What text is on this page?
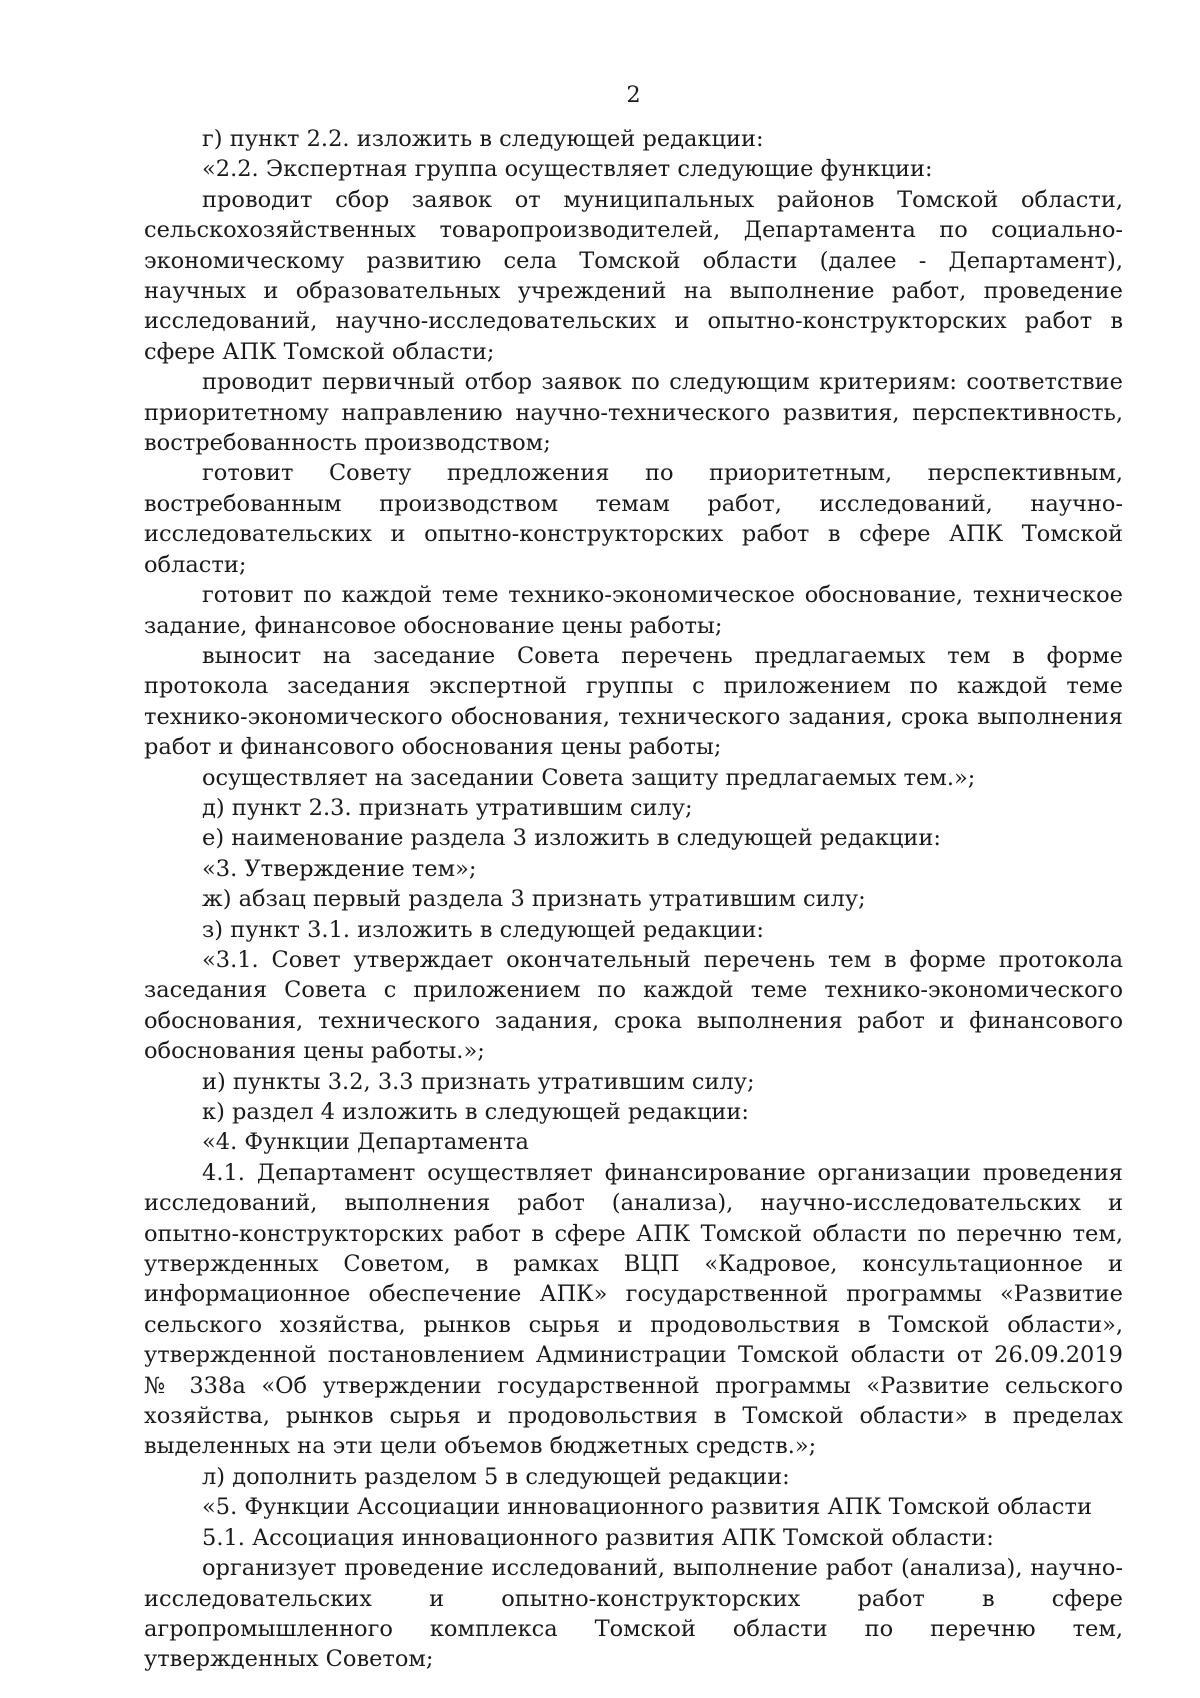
2

г) пункт 2.2. изложить в следующей редакции:

«2.2. Экспертная группа осуществляет следующие функции:

проводит сбор заявок от муниципальных районов Томской области, сельскохозяйственных товаропроизводителей, Департамента по социально-экономическому развитию села Томской области (далее - Департамент), научных и образовательных учреждений на выполнение работ, проведение исследований, научно-исследовательских и опытно-конструкторских работ в сфере АПК Томской области;

проводит первичный отбор заявок по следующим критериям: соответствие приоритетному направлению научно-технического развития, перспективность, востребованность производством;

готовит Совету предложения по приоритетным, перспективным, востребованным производством темам работ, исследований, научно-исследовательских и опытно-конструкторских работ в сфере АПК Томской области;

готовит по каждой теме технико-экономическое обоснование, техническое задание, финансовое обоснование цены работы;

выносит на заседание Совета перечень предлагаемых тем в форме протокола заседания экспертной группы с приложением по каждой теме технико-экономического обоснования, технического задания, срока выполнения работ и финансового обоснования цены работы;

осуществляет на заседании Совета защиту предлагаемых тем.»;

д) пункт 2.3. признать утратившим силу;

е) наименование раздела 3 изложить в следующей редакции:

«3. Утверждение тем»;

ж) абзац первый раздела 3 признать утратившим силу;

з) пункт 3.1. изложить в следующей редакции:

«3.1. Совет утверждает окончательный перечень тем в форме протокола заседания Совета с приложением по каждой теме технико-экономического обоснования, технического задания, срока выполнения работ и финансового обоснования цены работы.»;

и) пункты 3.2, 3.3 признать утратившим силу;

к) раздел 4 изложить в следующей редакции:

«4. Функции Департамента

4.1. Департамент осуществляет финансирование организации проведения исследований, выполнения работ (анализа), научно-исследовательских и опытно-конструкторских работ в сфере АПК Томской области по перечню тем, утвержденных Советом, в рамках ВЦП «Кадровое, консультационное и информационное обеспечение АПК» государственной программы «Развитие сельского хозяйства, рынков сырья и продовольствия в Томской области», утвержденной постановлением Администрации Томской области от 26.09.2019 № 338а «Об утверждении государственной программы «Развитие сельского хозяйства, рынков сырья и продовольствия в Томской области» в пределах выделенных на эти цели объемов бюджетных средств.»;

л) дополнить разделом 5 в следующей редакции:

«5. Функции Ассоциации инновационного развития АПК Томской области

5.1. Ассоциация инновационного развития АПК Томской области:

организует проведение исследований, выполнение работ (анализа), научно-исследовательских и опытно-конструкторских работ в сфере агропромышленного комплекса Томской области по перечню тем, утвержденных Советом;
